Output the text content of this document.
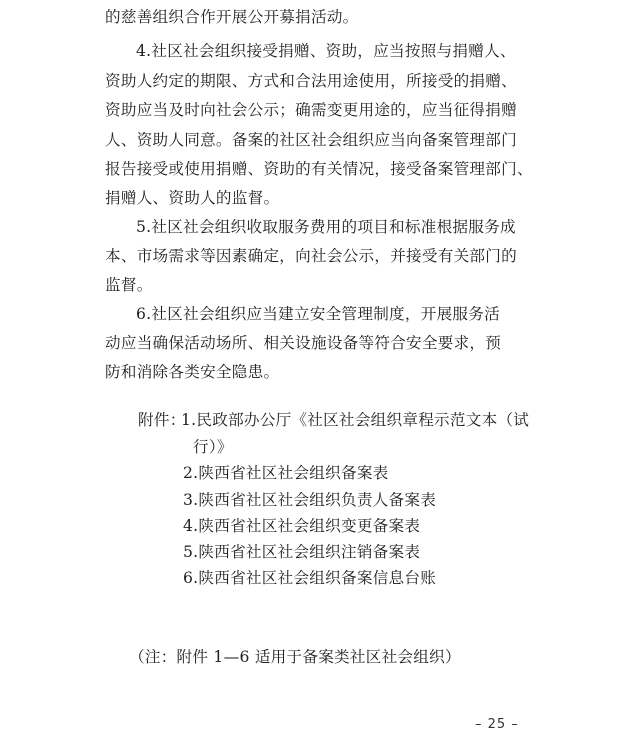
的慈善组织合作开展公开募捐活动。
4.社区社会组织接受捐赠、资助，应当按照与捐赠人、
资助人约定的期限、方式和合法用途使用，所接受的捐赠、
资助应当及时向社会公示；确需变更用途的，应当征得捐赠
人、资助人同意。备案的社区社会组织应当向备案管理部门
报告接受或使用捐赠、资助的有关情况，接受备案管理部门、
捐赠人、资助人的监督。
5.社区社会组织收取服务费用的项目和标准根据服务成
本、市场需求等因素确定，向社会公示，并接受有关部门的
监督。
6.社区社会组织应当建立安全管理制度，开展服务活
动应当确保活动场所、相关设施设备等符合安全要求，预
防和消除各类安全隐患。
附件：
1.民政部办公厅《社区社会组织章程示范文本（试
行）》
2.陕西省社区社会组织备案表
3.陕西省社区社会组织负责人备案表
4.陕西省社区社会组织变更备案表
5.陕西省社区社会组织注销备案表
6.陕西省社区社会组织备案信息台账
（注：附件 1—6 适用于备案类社区社会组织）
– 25 –
